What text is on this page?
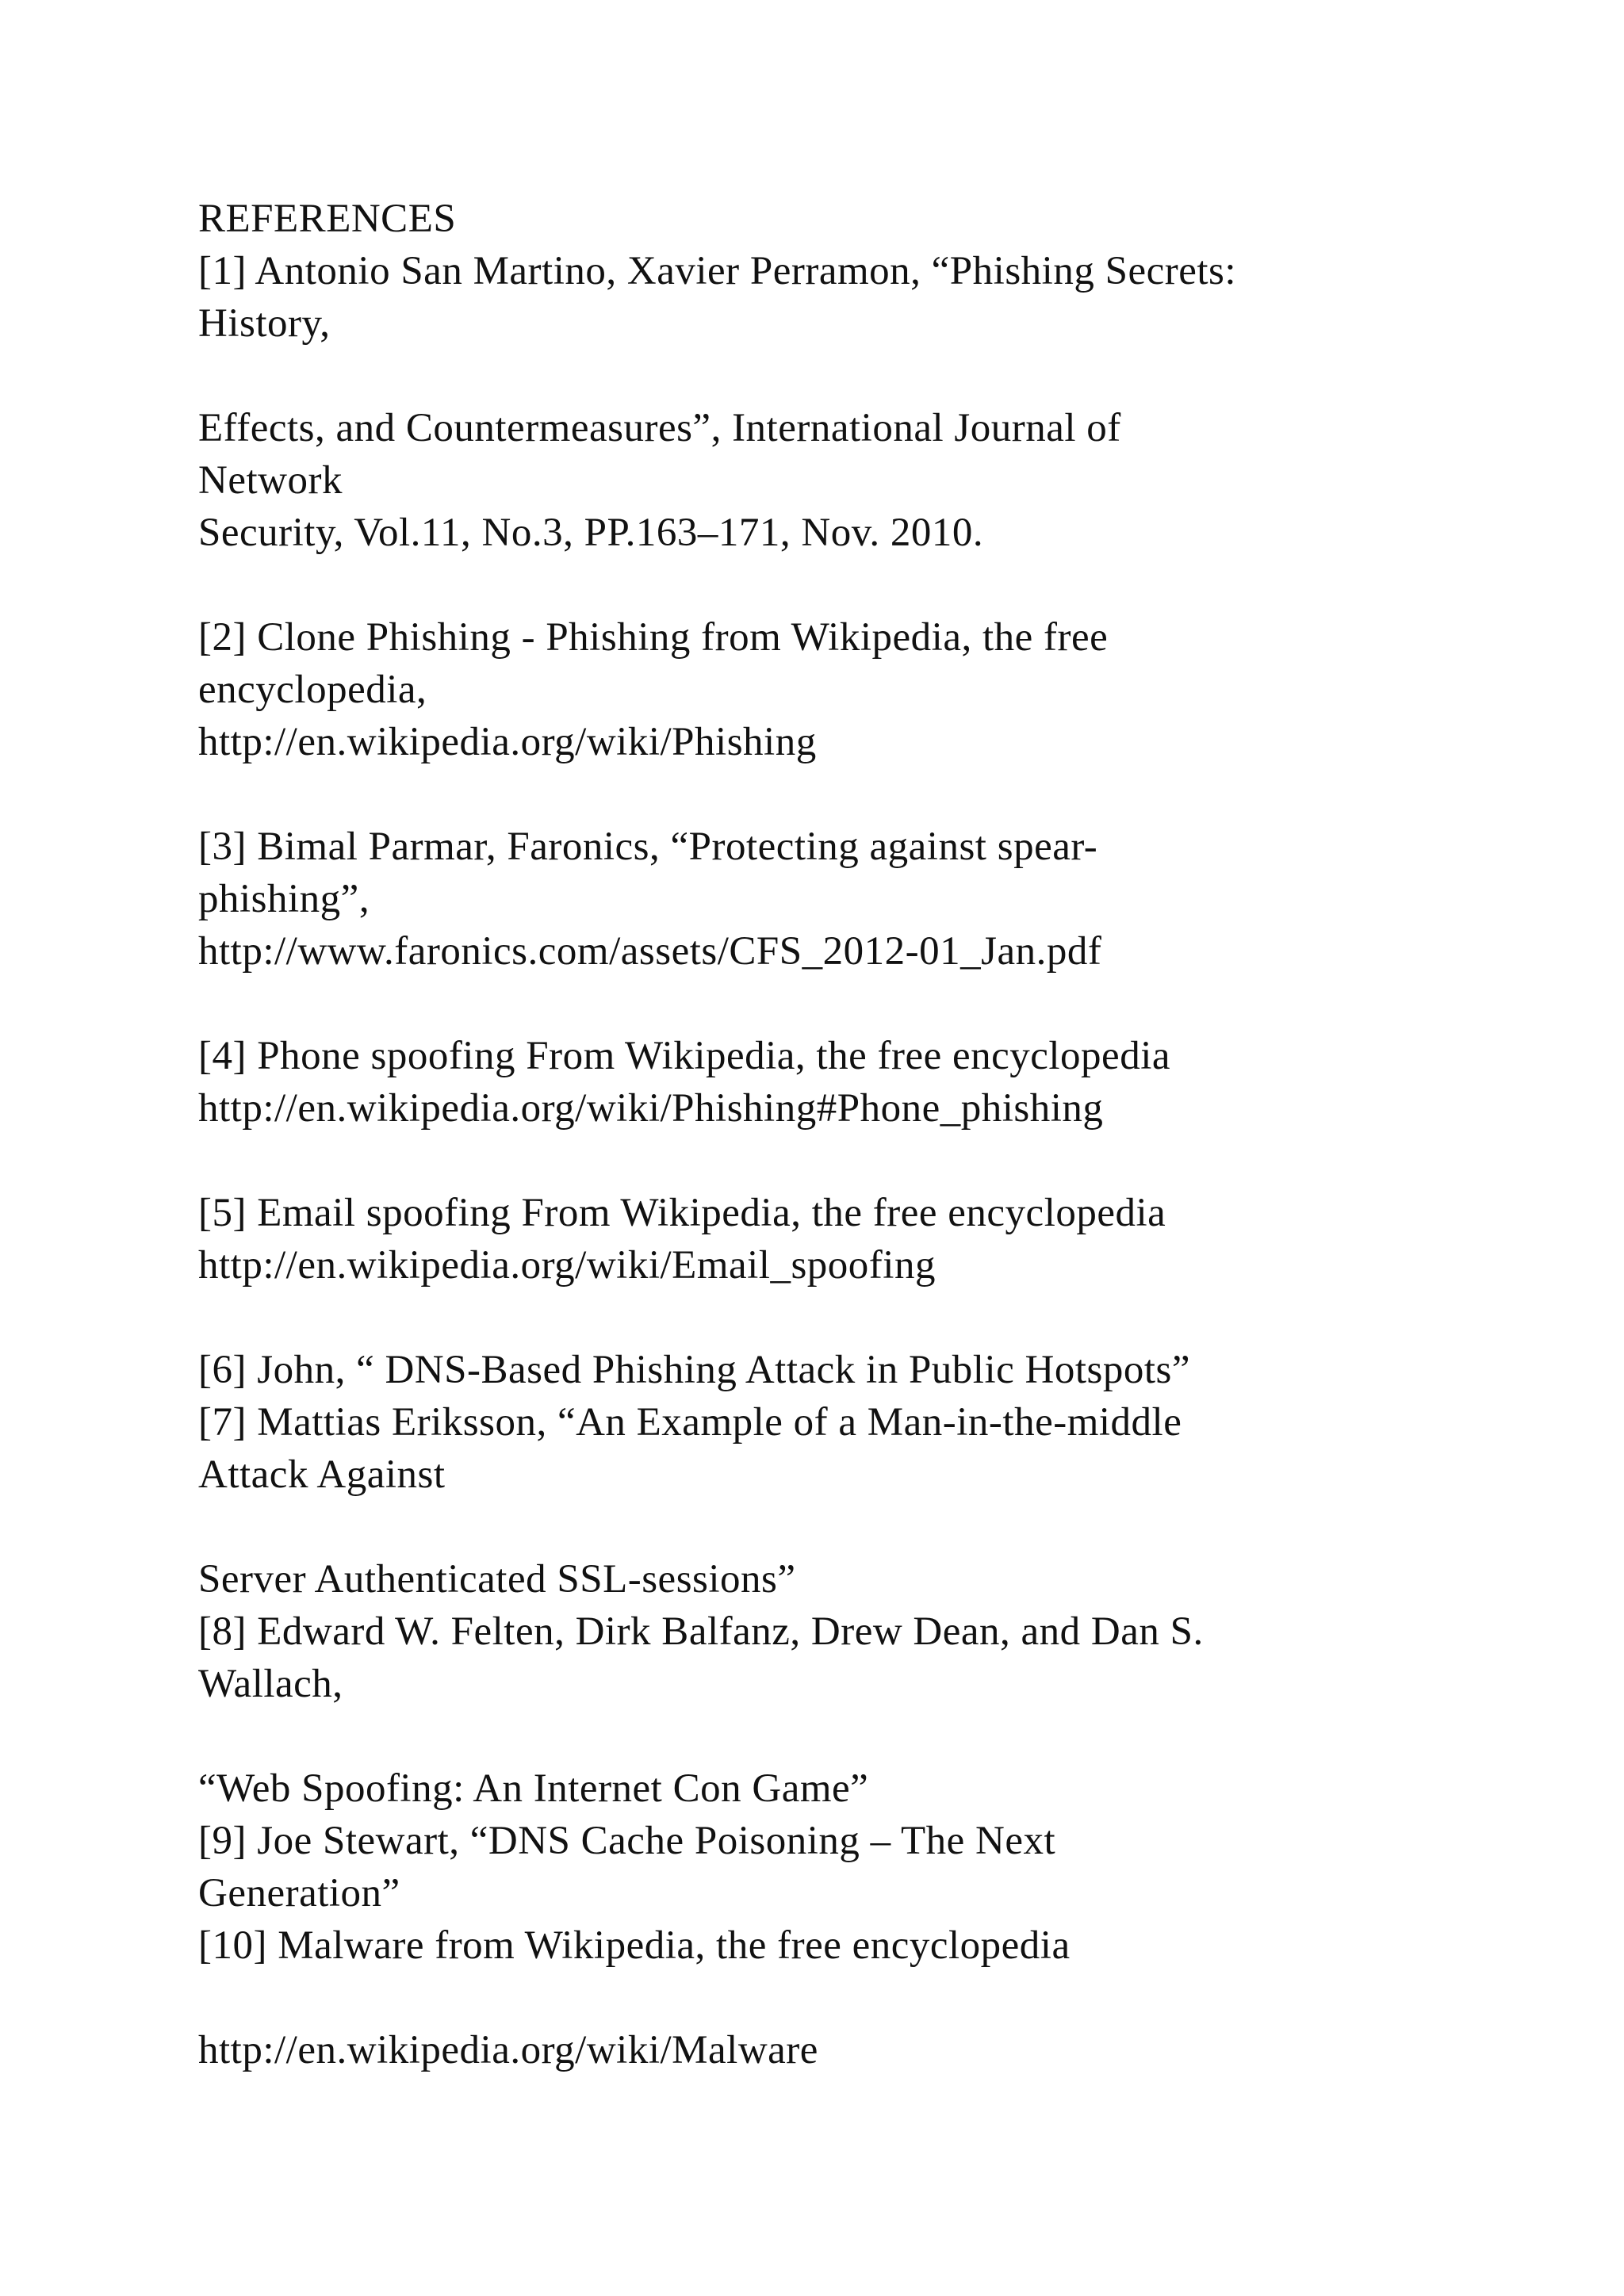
REFERENCES
[1] Antonio San Martino, Xavier Perramon, “Phishing Secrets:
History,
Effects, and Countermeasures”, International Journal of
Network
Security, Vol.11, No.3, PP.163–171, Nov. 2010.
[2] Clone Phishing - Phishing from Wikipedia, the free
encyclopedia,
http://en.wikipedia.org/wiki/Phishing
[3] Bimal Parmar, Faronics, “Protecting against spear-
phishing”,
http://www.faronics.com/assets/CFS_2012-01_Jan.pdf
[4] Phone spoofing From Wikipedia, the free encyclopedia
http://en.wikipedia.org/wiki/Phishing#Phone_phishing
[5] Email spoofing From Wikipedia, the free encyclopedia
http://en.wikipedia.org/wiki/Email_spoofing
[6] John, “ DNS-Based Phishing Attack in Public Hotspots”
[7] Mattias Eriksson, “An Example of a Man-in-the-middle
Attack Against
Server Authenticated SSL-sessions”
[8] Edward W. Felten, Dirk Balfanz, Drew Dean, and Dan S.
Wallach,
“Web Spoofing: An Internet Con Game”
[9] Joe Stewart, “DNS Cache Poisoning – The Next
Generation”
[10] Malware from Wikipedia, the free encyclopedia
http://en.wikipedia.org/wiki/Malware
